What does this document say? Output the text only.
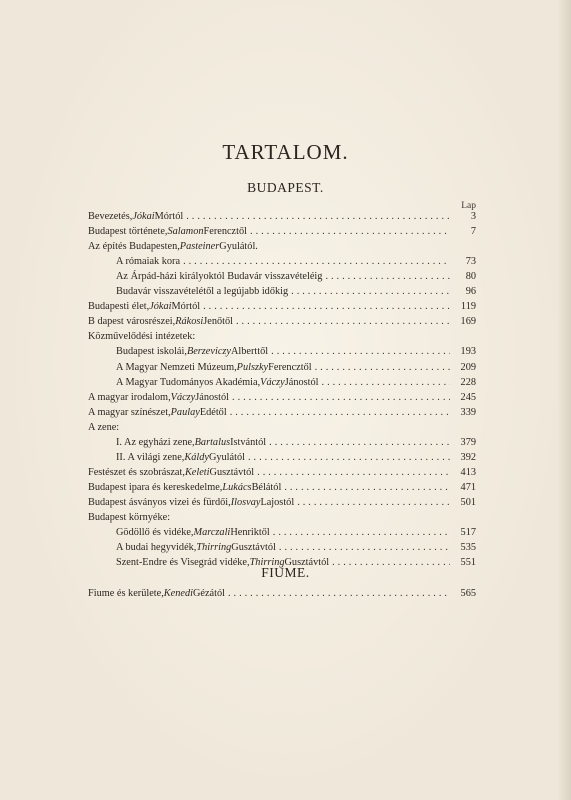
TARTALOM.
BUDAPEST.
Lap
Bevezetés, Jókai Mórtól . . .	3
Budapest története, Salamon Ferencztől . . .	7
Az építés Budapesten, Pasteiner Gyulától.
A rómaiak kora . . .	73
Az Árpád-házi királyoktól Budavár visszavételéig . . .	80
Budavár visszavételétől a legújabb időkig . . .	96
Budapesti élet, Jókai Mórtól . . .	119
B dapest városrészei, Rákosi Jenőtől . . .	169
Közművelődési intézetek:
Budapest iskolái, Berzeviczy Alberttől . . .	193
A Magyar Nemzeti Múzeum, Pulszky Ferencztől . . .	209
A Magyar Tudományos Akadémia, Váczy Jánostól . . .	228
A magyar irodalom, Váczy Jánostól . . .	245
A magyar színészet, Paulay Edétől . . .	339
A zene:
I. Az egyházi zene, Bartalus Istvántól . . .	379
II. A világi zene, Káldy Gyulától . . .	392
Festészet és szobrászat, Keleti Gusztávtól . . .	413
Budapest ipara és kereskedelme, Lukács Bélától . . .	471
Budapest ásványos vizei és fürdői, Ilosvay Lajostól . . .	501
Budapest környéke:
Gödöllő és vidéke, Marczali Henriktől . . .	517
A budai hegyvidék, Thirring Gusztávtól . . .	535
Szent-Endre és Visegrád vidéke, Thirring Gusztávtól . . .	551
FIUME.
Fiume és kerülete, Kenedi Gézától . . .	565
